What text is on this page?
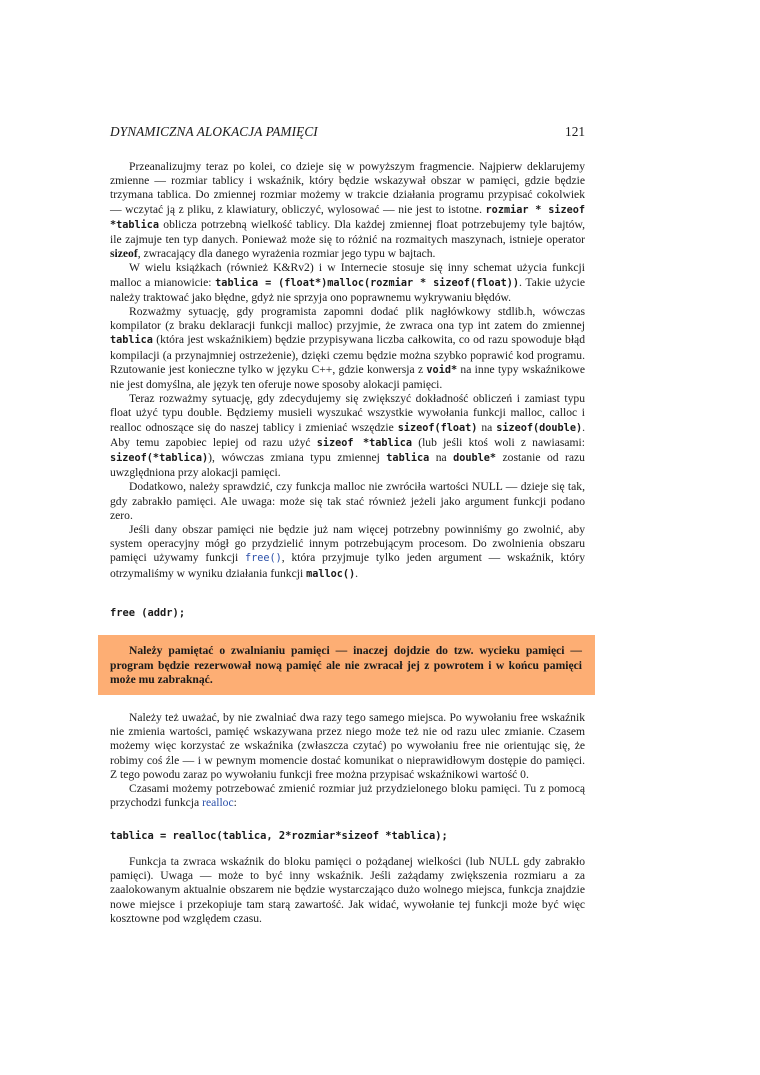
DYNAMICZNA ALOKACJA PAMIĘCI	121

Przeanalizujmy teraz po kolei, co dzieje się w powyższym fragmencie. Najpierw deklarujemy zmienne — rozmiar tablicy i wskaźnik, który będzie wskazywał obszar w pamięci, gdzie będzie trzymana tablica. Do zmiennej rozmiar możemy w trakcie działania programu przypisać cokolwiek — wczytać ją z pliku, z klawiatury, obliczyć, wylosować — nie jest to istotne. rozmiar * sizeof *tablica oblicza potrzebną wielkość tablicy. Dla każdej zmiennej float potrzebujemy tyle bajtów, ile zajmuje ten typ danych. Ponieważ może się to różnić na rozmaitych maszynach, istnieje operator sizeof, zwracający dla danego wyrażenia rozmiar jego typu w bajtach.

W wielu książkach (również K&Rv2) i w Internecie stosuje się inny schemat użycia funkcji malloc a mianowicie: tablica = (float*)malloc(rozmiar * sizeof(float)). Takie użycie należy traktować jako błędne, gdyż nie sprzyja ono poprawnemu wykrywaniu błędów.

Rozważmy sytuację, gdy programista zapomni dodać plik nagłówkowy stdlib.h, wówczas kompilator (z braku deklaracji funkcji malloc) przyjmie, że zwraca ona typ int zatem do zmiennej tablica (która jest wskaźnikiem) będzie przypisywana liczba całkowita, co od razu spowoduje błąd kompilacji (a przynajmniej ostrzeżenie), dzięki czemu będzie można szybko poprawić kod programu. Rzutowanie jest konieczne tylko w języku C++, gdzie konwersja z void* na inne typy wskaźnikowe nie jest domyślna, ale język ten oferuje nowe sposoby alokacji pamięci.

Teraz rozważmy sytuację, gdy zdecydujemy się zwiększyć dokładność obliczeń i zamiast typu float użyć typu double. Będziemy musieli wyszukać wszystkie wywołania funkcji malloc, calloc i realloc odnoszące się do naszej tablicy i zmieniać wszędzie sizeof(float) na sizeof(double). Aby temu zapobiec lepiej od razu użyć sizeof *tablica (lub jeśli ktoś woli z nawiasami: sizeof(*tablica)), wówczas zmiana typu zmiennej tablica na double* zostanie od razu uwzględniona przy alokacji pamięci.

Dodatkowo, należy sprawdzić, czy funkcja malloc nie zwróciła wartości NULL — dzieje się tak, gdy zabrakło pamięci. Ale uwaga: może się tak stać również jeżeli jako argument funkcji podano zero.

Jeśli dany obszar pamięci nie będzie już nam więcej potrzebny powinniśmy go zwolnić, aby system operacyjny mógł go przydzielić innym potrzebującym procesom. Do zwolnienia obszaru pamięci używamy funkcji free(), która przyjmuje tylko jeden argument — wskaźnik, który otrzymaliśmy w wyniku działania funkcji malloc().

free (addr);

Należy też uważać, by nie zwalniać dwa razy tego samego miejsca. Po wywołaniu free wskaźnik nie zmienia wartości, pamięć wskazywana przez niego może też nie od razu ulec zmianie. Czasem możemy więc korzystać ze wskaźnika (zwłaszcza czytać) po wywołaniu free nie orientując się, że robimy coś źle — i w pewnym momencie dostać komunikat o nieprawidłowym dostępie do pamięci. Z tego powodu zaraz po wywołaniu funkcji free można przypisać wskaźnikowi wartość 0.

Czasami możemy potrzebować zmienić rozmiar już przydzielonego bloku pamięci. Tu z pomocą przychodzi funkcja realloc:

tablica = realloc(tablica, 2*rozmiar*sizeof *tablica);

Funkcja ta zwraca wskaźnik do bloku pamięci o pożądanej wielkości (lub NULL gdy zabrakło pamięci). Uwaga — może to być inny wskaźnik. Jeśli zażądamy zwiększenia rozmiaru a za zaalokowanym aktualnie obszarem nie będzie wystarczająco dużo wolnego miejsca, funkcja znajdzie nowe miejsce i przekopiuje tam starą zawartość. Jak widać, wywołanie tej funkcji może być więc kosztowne pod względem czasu.

Należy pamiętać o zwalnianiu pamięci — inaczej dojdzie do tzw. wycieku pamięci — program będzie rezerwował nową pamięć ale nie zwracał jej z powrotem i w końcu pamięci może mu zabraknąć.
